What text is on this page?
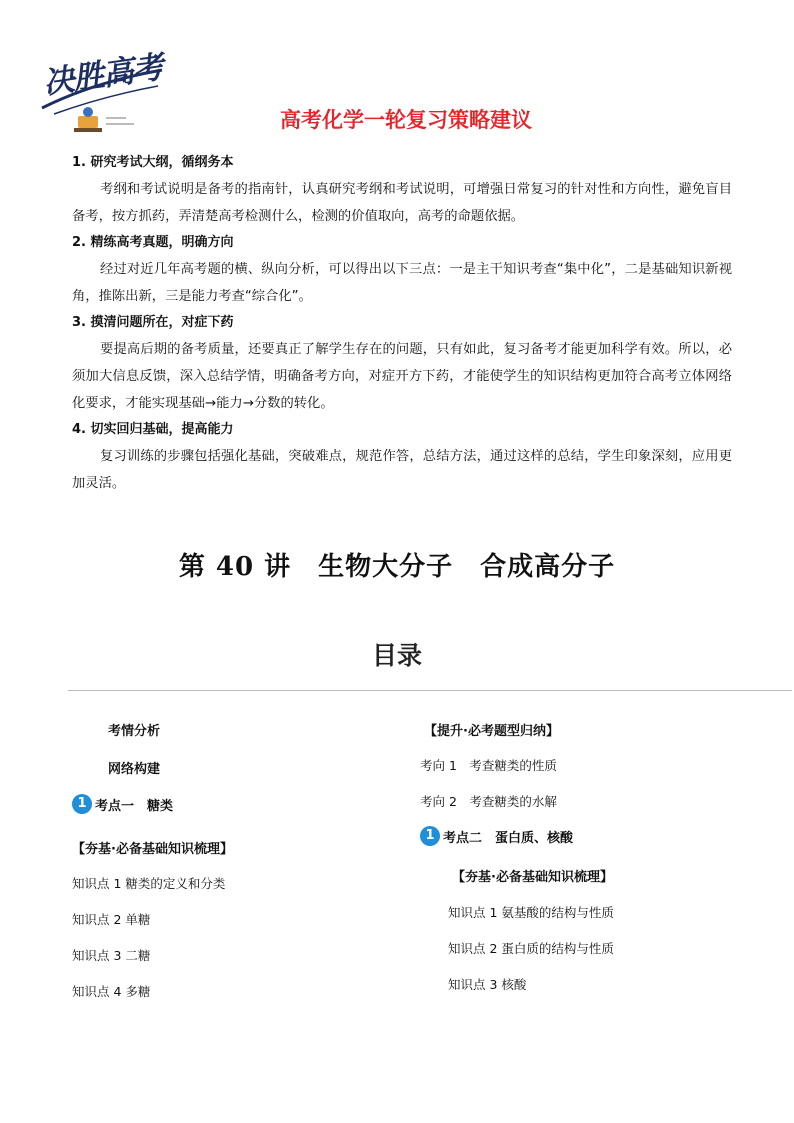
决胜高考
高考化学一轮复习策略建议

1. 研究考试大纲，循纲务本

考纲和考试说明是备考的指南针，认真研究考纲和考试说明，可增强日常复习的针对性和方向性，避免盲目备考，按方抓药，弄清楚高考检测什么，检测的价值取向，高考的命题依据。

2. 精练高考真题，明确方向

经过对近几年高考题的横、纵向分析，可以得出以下三点：一是主干知识考查“集中化”，二是基础知识新视角，推陈出新，三是能力考查“综合化”。

3. 摸清问题所在，对症下药

要提高后期的备考质量，还要真正了解学生存在的问题，只有如此，复习备考才能更加科学有效。所以，必须加大信息反馈，深入总结学情，明确备考方向，对症开方下药，才能使学生的知识结构更加符合高考立体网络化要求，才能实现基础→能力→分数的转化。

4. 切实回归基础，提高能力

复习训练的步骤包括强化基础，突破难点，规范作答，总结方法，通过这样的总结，学生印象深刻，应用更加灵活。

第 40 讲　生物大分子　合成高分子
目录
考情分析
网络构建
1 考点一　糖类
【夯基·必备基础知识梳理】
知识点 1 糖类的定义和分类
知识点 2 单糖
知识点 3 二糖
知识点 4 多糖
【提升·必考题型归纳】
考向 1　考查糖类的性质
考向 2　考查糖类的水解
1 考点二　蛋白质、核酸
【夯基·必备基础知识梳理】
知识点 1 氨基酸的结构与性质
知识点 2 蛋白质的结构与性质
知识点 3 核酸
